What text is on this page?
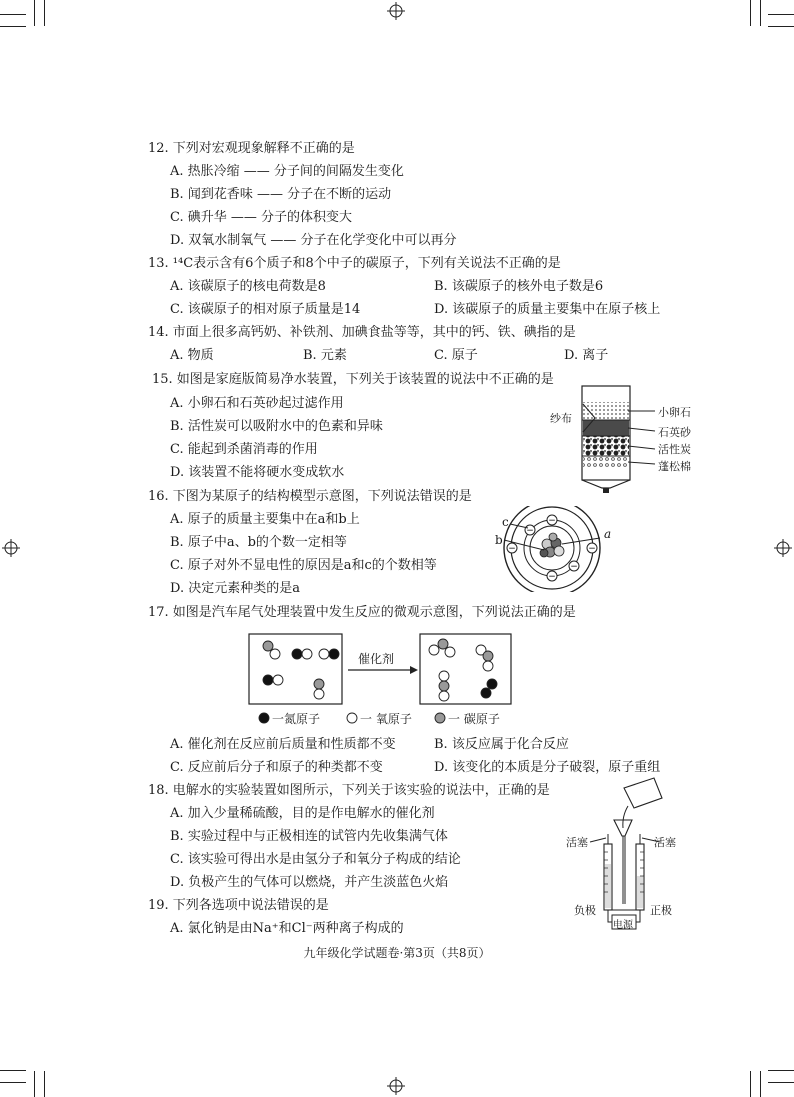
12. 下列对宏观现象解释不正确的是
A. 热胀冷缩 —— 分子间的间隔发生变化
B. 闻到花香味 —— 分子在不断的运动
C. 碘升华 —— 分子的体积变大
D. 双氧水制氧气 —— 分子在化学变化中可以再分
13. ¹⁴C表示含有6个质子和8个中子的碳原子，下列有关说法不正确的是
A. 该碳原子的核电荷数是8	B. 该碳原子的核外电子数是6
C. 该碳原子的相对原子质量是14	D. 该碳原子的质量主要集中在原子核上
14. 市面上很多高钙奶、补铁剂、加碘食盐等等，其中的钙、铁、碘指的是
A. 物质	B. 元素	C. 原子	D. 离子
15. 如图是家庭版简易净水装置，下列关于该装置的说法中不正确的是
A. 小卵石和石英砂起过滤作用
B. 活性炭可以吸附水中的色素和异味
C. 能起到杀菌消毒的作用
D. 该装置不能将硬水变成软水
纱布	小卵石
石英砂
活性炭
蓬松棉
16. 下图为某原子的结构模型示意图，下列说法错误的是
A. 原子的质量主要集中在a和b上
B. 原子中a、b的个数一定相等
C. 原子对外不显电性的原因是a和c的个数相等
D. 决定元素种类的是a
−	−
−
−
−
−
c
b	a
17. 如图是汽车尾气处理装置中发生反应的微观示意图，下列说法正确的是
催化剂
一氮原子	一 氧原子	一 碳原子
A. 催化剂在反应前后质量和性质都不变	B. 该反应属于化合反应
C. 反应前后分子和原子的种类都不变	D. 该变化的本质是分子破裂，原子重组
18. 电解水的实验装置如图所示，下列关于该实验的说法中，正确的是
A. 加入少量稀硫酸，目的是作电解水的催化剂
B. 实验过程中与正极相连的试管内先收集满气体
C. 该实验可得出水是由氢分子和氧分子构成的结论
D. 负极产生的气体可以燃烧，并产生淡蓝色火焰
活塞	活塞
负极	正极
电源
19. 下列各选项中说法错误的是
A. 氯化钠是由Na⁺和Cl⁻两种离子构成的
九年级化学试题卷·第3页（共8页）
